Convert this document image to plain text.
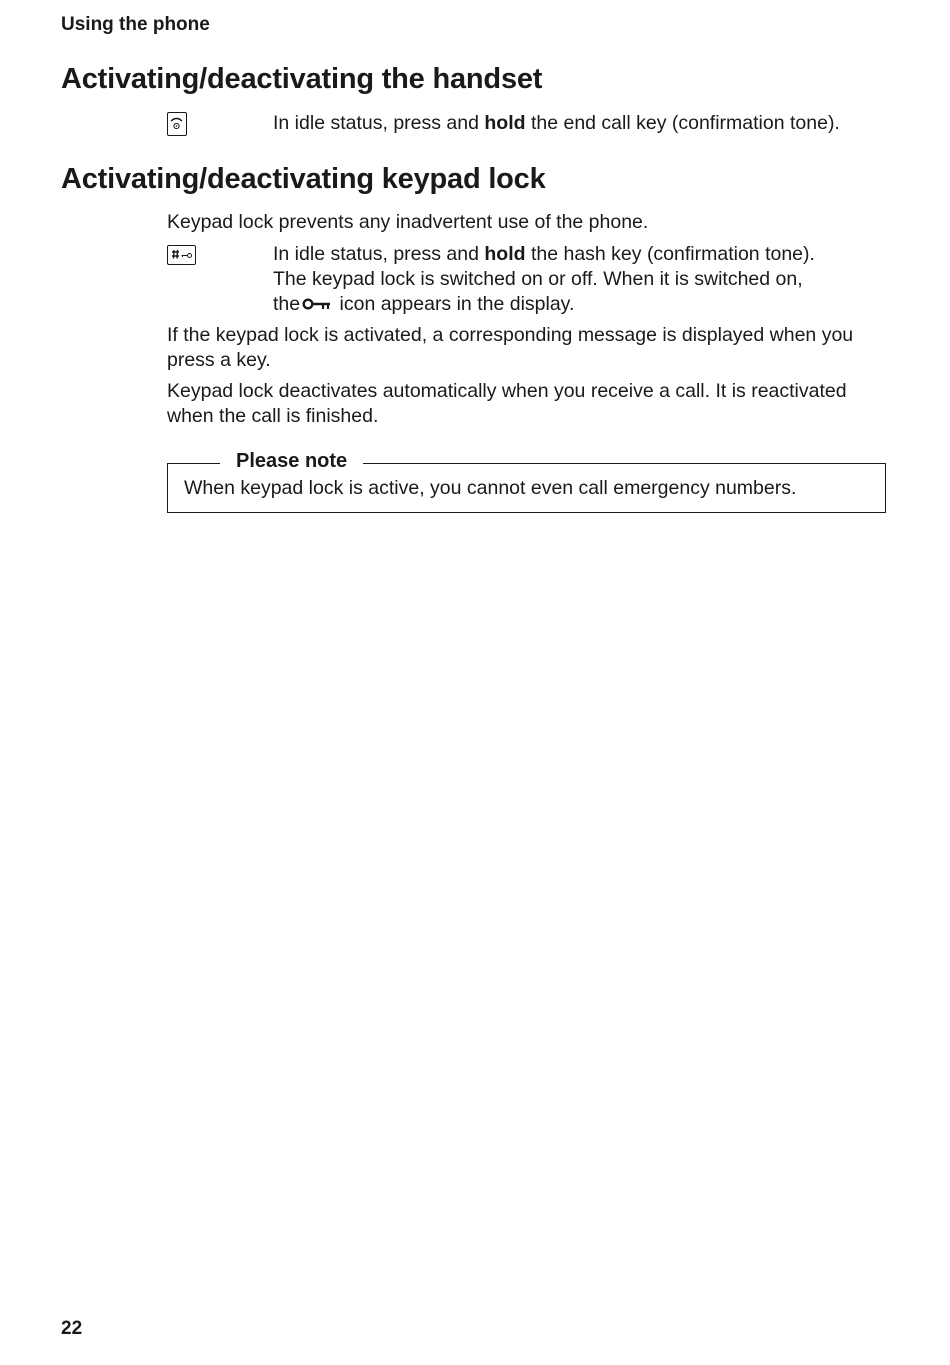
Using the phone
Activating/deactivating the handset
In idle status, press and hold the end call key (confirmation tone).
Activating/deactivating keypad lock
Keypad lock prevents any inadvertent use of the phone.
In idle status, press and hold the hash key (confirmation tone).
The keypad lock is switched on or off. When it is switched on,
the icon appears in the display.
If the keypad lock is activated, a corresponding message is displayed when you
press a key.
Keypad lock deactivates automatically when you receive a call. It is reactivated
when the call is finished.
Please note
When keypad lock is active, you cannot even call emergency numbers.
22
